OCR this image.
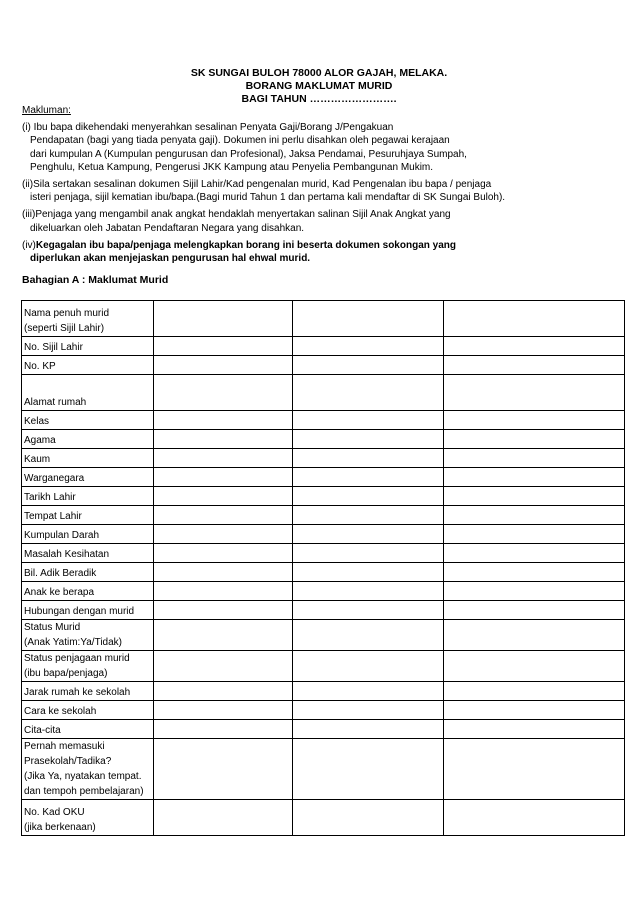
SK SUNGAI BULOH 78000 ALOR GAJAH, MELAKA.
BORANG MAKLUMAT MURID
BAGI TAHUN …………………….
Makluman:
(i) Ibu bapa dikehendaki menyerahkan sesalinan Penyata Gaji/Borang J/Pengakuan
Pendapatan (bagi yang tiada penyata gaji). Dokumen ini perlu disahkan oleh pegawai kerajaan
dari kumpulan A (Kumpulan pengurusan dan Profesional), Jaksa Pendamai, Pesuruhjaya Sumpah,
Penghulu, Ketua Kampung, Pengerusi JKK Kampung atau Penyelia Pembangunan Mukim.
(ii)Sila sertakan sesalinan dokumen Sijil Lahir/Kad pengenalan murid, Kad Pengenalan ibu bapa / penjaga
isteri penjaga, sijil kematian ibu/bapa.(Bagi murid Tahun 1 dan pertama kali mendaftar di SK Sungai Buloh).
(iii)Penjaga yang mengambil anak angkat hendaklah menyertakan salinan Sijil Anak Angkat yang
dikeluarkan oleh Jabatan Pendaftaran Negara yang disahkan.
(iv)Kegagalan ibu bapa/penjaga melengkapkan borang ini beserta dokumen sokongan yang
diperlukan akan menjejaskan pengurusan hal ehwal murid.
Bahagian A : Maklumat Murid
Nama penuh murid
(seperti Sijil Lahir)			

No. Sijil Lahir			

No. KP			

Alamat rumah			

Kelas			

Agama			

Kaum			

Warganegara			

Tarikh Lahir			

Tempat Lahir			

Kumpulan Darah			

Masalah Kesihatan			

Bil. Adik Beradik			

Anak ke berapa			

Hubungan dengan murid			

Status Murid
(Anak Yatim:Ya/Tidak)			

Status penjagaan murid
(ibu bapa/penjaga)			

Jarak rumah ke sekolah			

Cara ke sekolah			

Cita-cita			

Pernah memasuki
Prasekolah/Tadika?
(Jika Ya, nyatakan tempat.
dan tempoh pembelajaran)			

No. Kad OKU
(jika berkenaan)			
